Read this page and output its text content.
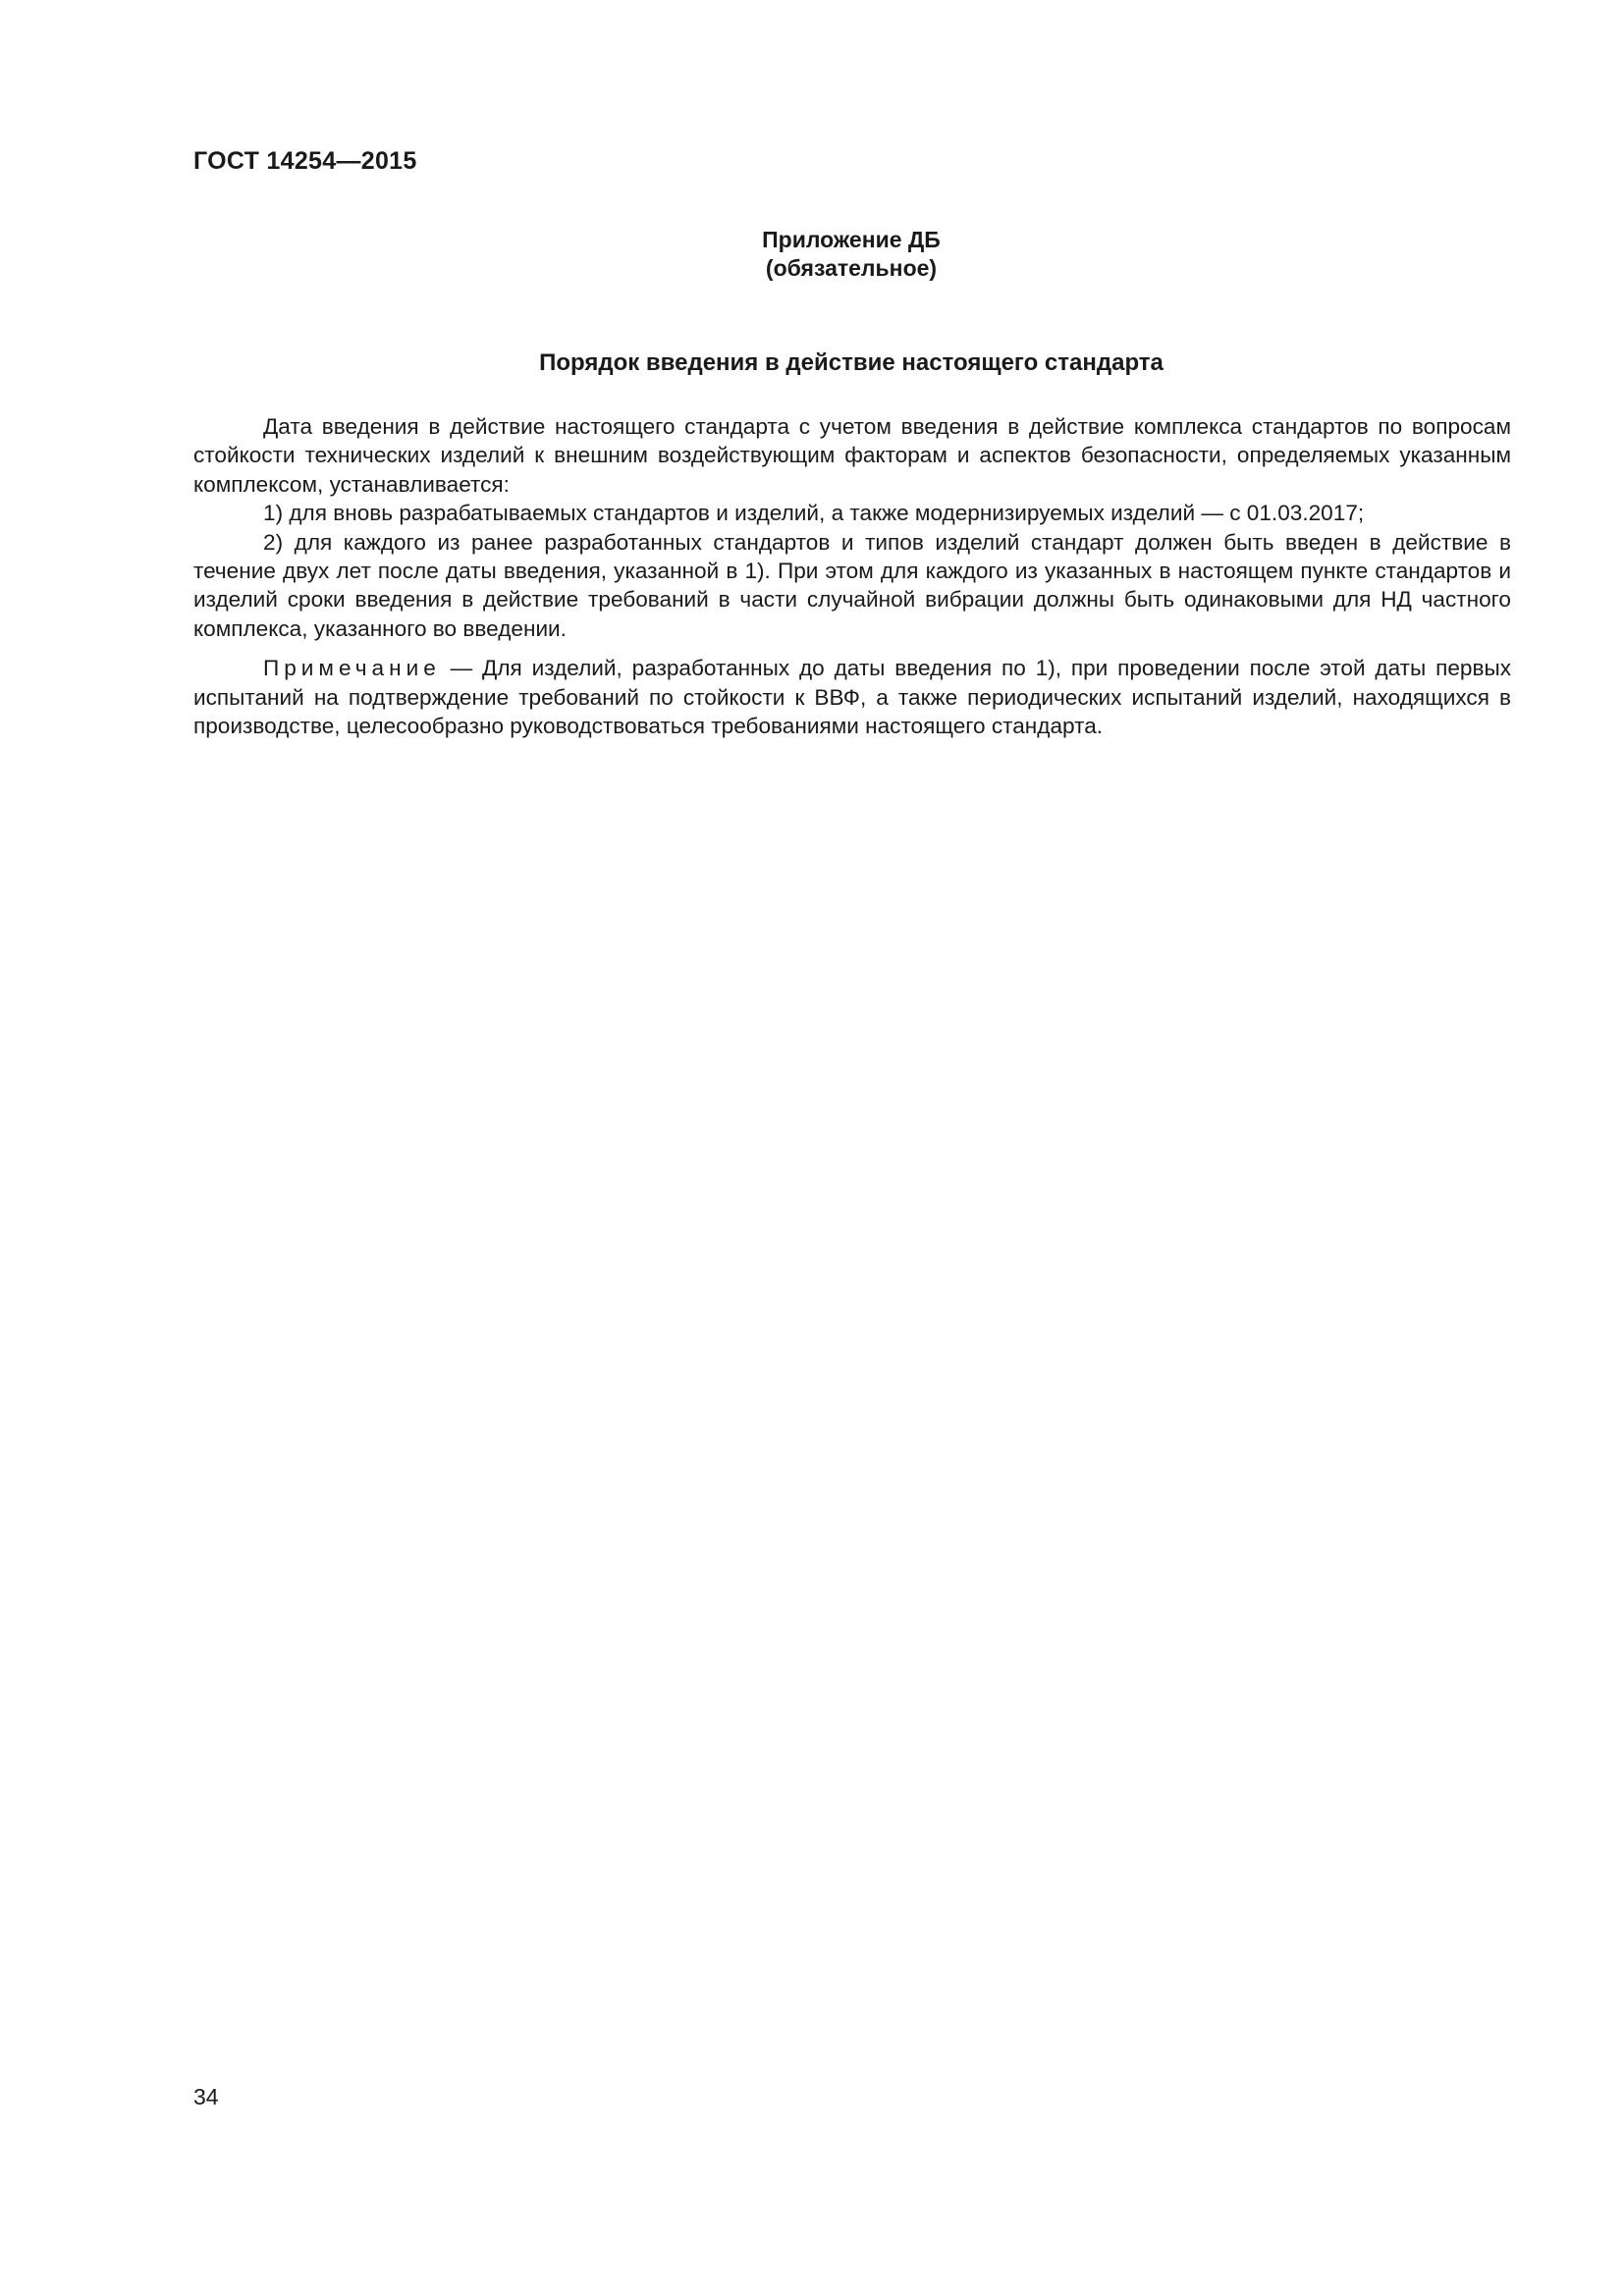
ГОСТ 14254—2015
Приложение ДБ
(обязательное)
Порядок введения в действие настоящего стандарта

Дата введения в действие настоящего стандарта с учетом введения в действие комплекса стандартов по вопросам стойкости технических изделий к внешним воздействующим факторам и аспектов безопасности, определяемых указанным комплексом, устанавливается:

1) для вновь разрабатываемых стандартов и изделий, а также модернизируемых изделий — с 01.03.2017;

2) для каждого из ранее разработанных стандартов и типов изделий стандарт должен быть введен в действие в течение двух лет после даты введения, указанной в 1). При этом для каждого из указанных в настоящем пункте стандартов и изделий сроки введения в действие требований в части случайной вибрации должны быть одинаковыми для НД частного комплекса, указанного во введении.

Примечание — Для изделий, разработанных до даты введения по 1), при проведении после этой даты первых испытаний на подтверждение требований по стойкости к ВВФ, а также периодических испытаний изделий, находящихся в производстве, целесообразно руководствоваться требованиями настоящего стандарта.

34
